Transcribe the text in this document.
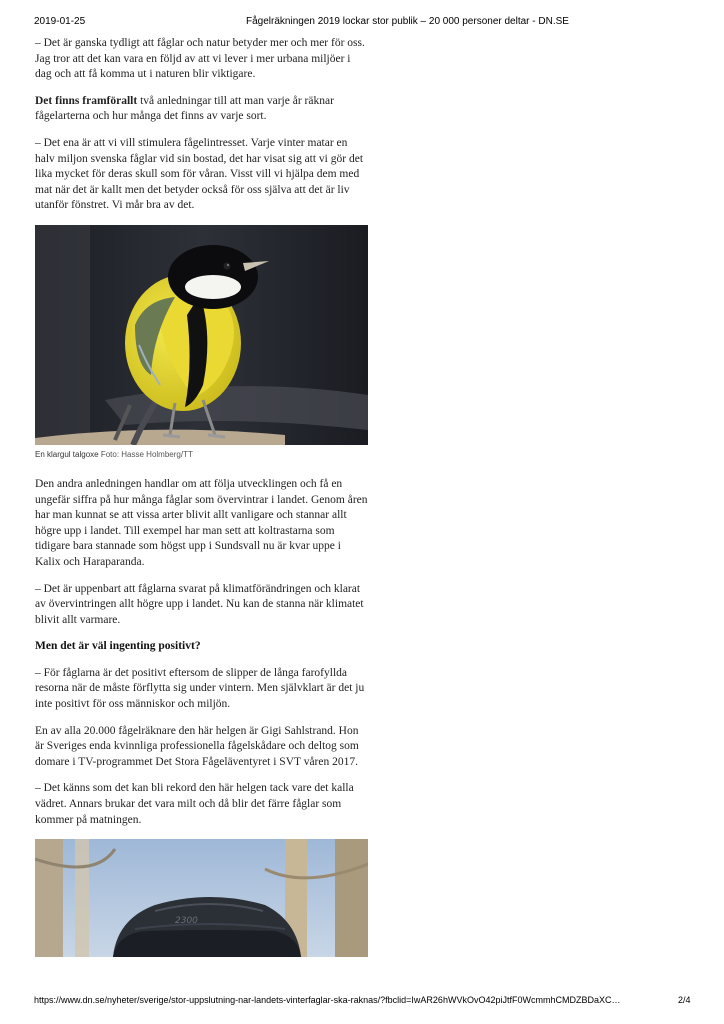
2019-01-25	Fågelräkningen 2019 lockar stor publik – 20 000 personer deltar - DN.SE

– Det är ganska tydligt att fåglar och natur betyder mer och mer för oss. Jag tror att det kan vara en följd av att vi lever i mer urbana miljöer i dag och att få komma ut i naturen blir viktigare.

Det finns framförallt två anledningar till att man varje år räknar fågelarterna och hur många det finns av varje sort.

– Det ena är att vi vill stimulera fågelintresset. Varje vinter matar en halv miljon svenska fåglar vid sin bostad, det har visat sig att vi gör det lika mycket för deras skull som för våran. Visst vill vi hjälpa dem med mat när det är kallt men det betyder också för oss själva att det är liv utanför fönstret. Vi mår bra av det.

En klargul talgoxe Foto: Hasse Holmberg/TT

Den andra anledningen handlar om att följa utvecklingen och få en ungefär siffra på hur många fåglar som övervintrar i landet. Genom åren har man kunnat se att vissa arter blivit allt vanligare och stannar allt högre upp i landet. Till exempel har man sett att koltrastarna som tidigare bara stannade som högst upp i Sundsvall nu är kvar uppe i Kalix och Haraparanda.

– Det är uppenbart att fåglarna svarat på klimatförändringen och klarat av övervintringen allt högre upp i landet. Nu kan de stanna när klimatet blivit allt varmare.

Men det är väl ingenting positivt?

– För fåglarna är det positivt eftersom de slipper de långa farofyllda resorna när de måste förflytta sig under vintern. Men självklart är det ju inte positivt för oss människor och miljön.

En av alla 20.000 fågelräknare den här helgen är Gigi Sahlstrand. Hon är Sveriges enda kvinnliga professionella fågelskådare och deltog som domare i TV-programmet Det Stora Fågeläventyret i SVT våren 2017.

– Det känns som det kan bli rekord den här helgen tack vare det kalla vädret. Annars brukar det vara milt och då blir det färre fåglar som kommer på matningen.

2300
https://www.dn.se/nyheter/sverige/stor-uppslutning-nar-landets-vinterfaglar-ska-raknas/?fbclid=IwAR26hWVkOvO42piJtfF0WcmmhCMDZBDaXC…	2/4
